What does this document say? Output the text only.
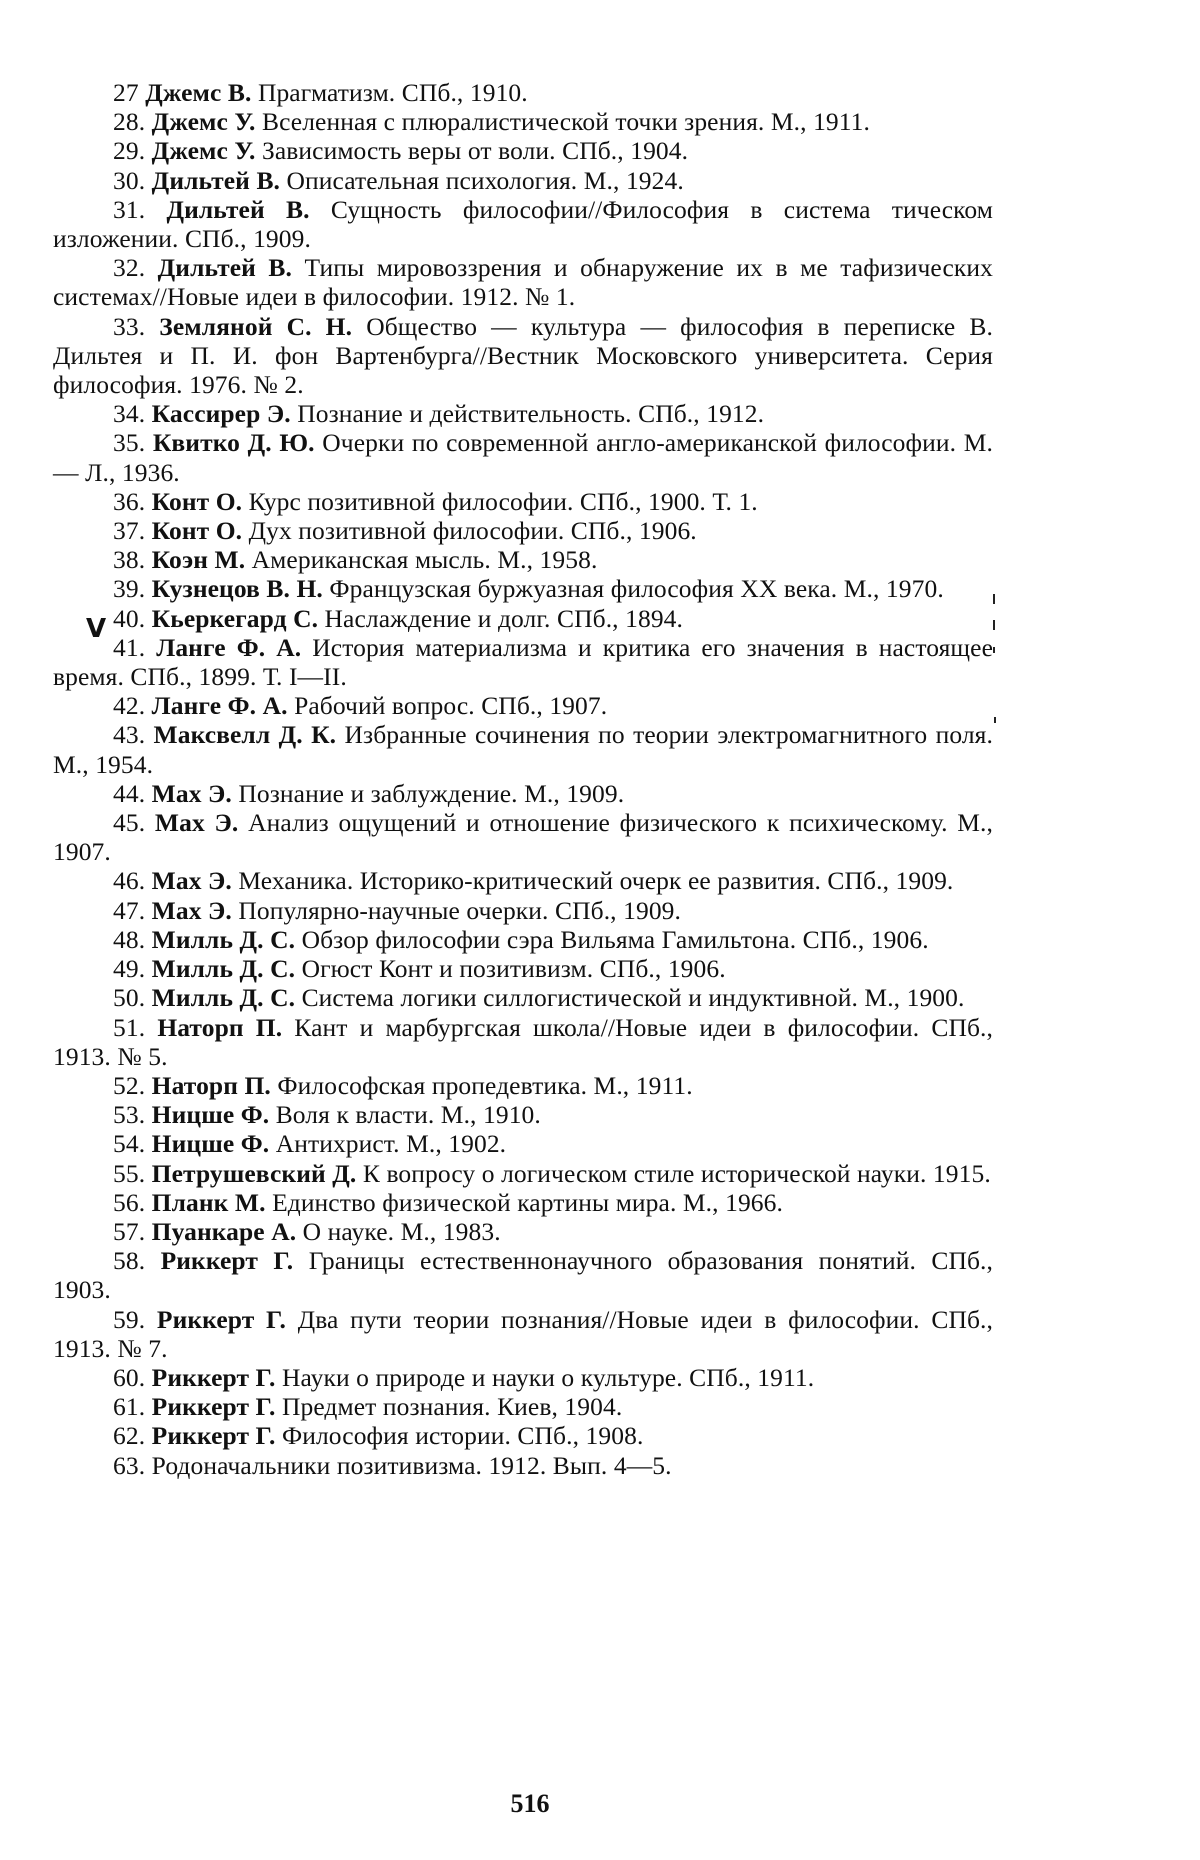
27 Джемс В. Прагматизм. СПб., 1910.

28. Джемс У. Вселенная с плюралистической точки зрения. М., 1911.

29. Джемс У. Зависимость веры от воли. СПб., 1904.

30. Дильтей В. Описательная психология. М., 1924.

31. Дильтей В. Сущность философии//Философия в система тическом изложении. СПб., 1909.

32. Дильтей В. Типы мировоззрения и обнаружение их в ме тафизических системах//Новые идеи в философии. 1912. № 1.

33. Земляной С. Н. Общество — культура — философия в переписке В. Дильтея и П. И. фон Вартенбурга//Вестник Московского университета. Серия философия. 1976. № 2.

34. Кассирер Э. Познание и действительность. СПб., 1912.

35. Квитко Д. Ю. Очерки по современной англо-американской философии. М.— Л., 1936.

36. Конт О. Курс позитивной философии. СПб., 1900. Т. 1.

37. Конт О. Дух позитивной философии. СПб., 1906.

38. Коэн М. Американская мысль. М., 1958.

39. Кузнецов В. Н. Французская буржуазная философия XX века. М., 1970.

40. Кьеркегард С. Наслаждение и долг. СПб., 1894.

41. Ланге Ф. А. История материализма и критика его значения в настоящее время. СПб., 1899. Т. I—II.

42. Ланге Ф. А. Рабочий вопрос. СПб., 1907.

43. Максвелл Д. К. Избранные сочинения по теории электромагнитного поля. М., 1954.

44. Мах Э. Познание и заблуждение. М., 1909.

45. Мах Э. Анализ ощущений и отношение физического к психическому. М., 1907.

46. Мах Э. Механика. Историко-критический очерк ее развития. СПб., 1909.

47. Мах Э. Популярно-научные очерки. СПб., 1909.

48. Милль Д. С. Обзор философии сэра Вильяма Гамильтона. СПб., 1906.

49. Милль Д. С. Огюст Конт и позитивизм. СПб., 1906.

50. Милль Д. С. Система логики силлогистической и индуктивной. М., 1900.

51. Наторп П. Кант и марбургская школа//Новые идеи в философии. СПб., 1913. № 5.

52. Наторп П. Философская пропедевтика. М., 1911.

53. Ницше Ф. Воля к власти. М., 1910.

54. Ницше Ф. Антихрист. М., 1902.

55. Петрушевский Д. К вопросу о логическом стиле исторической науки. 1915.

56. Планк М. Единство физической картины мира. М., 1966.

57. Пуанкаре А. О науке. М., 1983.

58. Риккерт Г. Границы естественнонаучного образования понятий. СПб., 1903.

59. Риккерт Г. Два пути теории познания//Новые идеи в философии. СПб., 1913. № 7.

60. Риккерт Г. Науки о природе и науки о культуре. СПб., 1911.

61. Риккерт Г. Предмет познания. Киев, 1904.

62. Риккерт Г. Философия истории. СПб., 1908.

63. Родоначальники позитивизма. 1912. Вып. 4—5.

V
516
